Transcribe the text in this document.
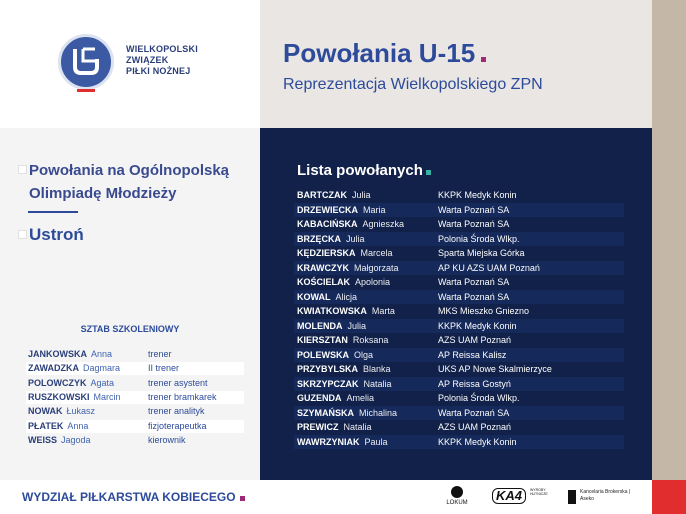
WIELKOPOLSKI
ZWIĄZEK
PIŁKI NOŻNEJ
Powołania U-15
Reprezentacja Wielkopolskiego ZPN
Powołania na Ogólnopolską
Olimpiadę Młodzieży
Ustroń
SZTAB SZKOLENIOWY
JANKOWSKA Anna	trener
ZAWADZKA Dagmara	II trener
POLOWCZYK Agata	trener asystent
RUSZKOWSKI Marcin	trener bramkarek
NOWAK Łukasz	trener analityk
PŁATEK Anna	fizjoterapeutka
WEISS Jagoda	kierownik
Lista powołanych
BARTCZAK Julia	KKPK Medyk Konin
DRZEWIECKA Maria	Warta Poznań SA
KABACIŃSKA Agnieszka	Warta Poznań SA
BRZĘCKA Julia	Polonia Środa Wlkp.
KĘDZIERSKA Marcela	Sparta Miejska Górka
KRAWCZYK Małgorzata	AP KU AZS UAM Poznań
KOŚCIELAK Apolonia	Warta Poznań SA
KOWAL Alicja	Warta Poznań SA
KWIATKOWSKA Marta	MKS Mieszko Gniezno
MOLENDA Julia	KKPK Medyk Konin
KIERSZTAN Roksana	AZS UAM Poznań
POLEWSKA Olga	AP Reissa Kalisz
PRZYBYLSKA Blanka	UKS AP Nowe Skalmierzyce
SKRZYPCZAK Natalia	AP Reissa Gostyń
GUZENDA Amelia	Polonia Środa Wlkp.
SZYMAŃSKA Michalina	Warta Poznań SA
PREWICZ Natalia	AZS UAM Poznań
WAWRZYNIAK Paula	KKPK Medyk Konin
WYDZIAŁ PIŁKARSTWA KOBIECEGO	LOKUM	KA4	WYROBY HUTNICZE	Kancelaria Brokerska | Aseko
